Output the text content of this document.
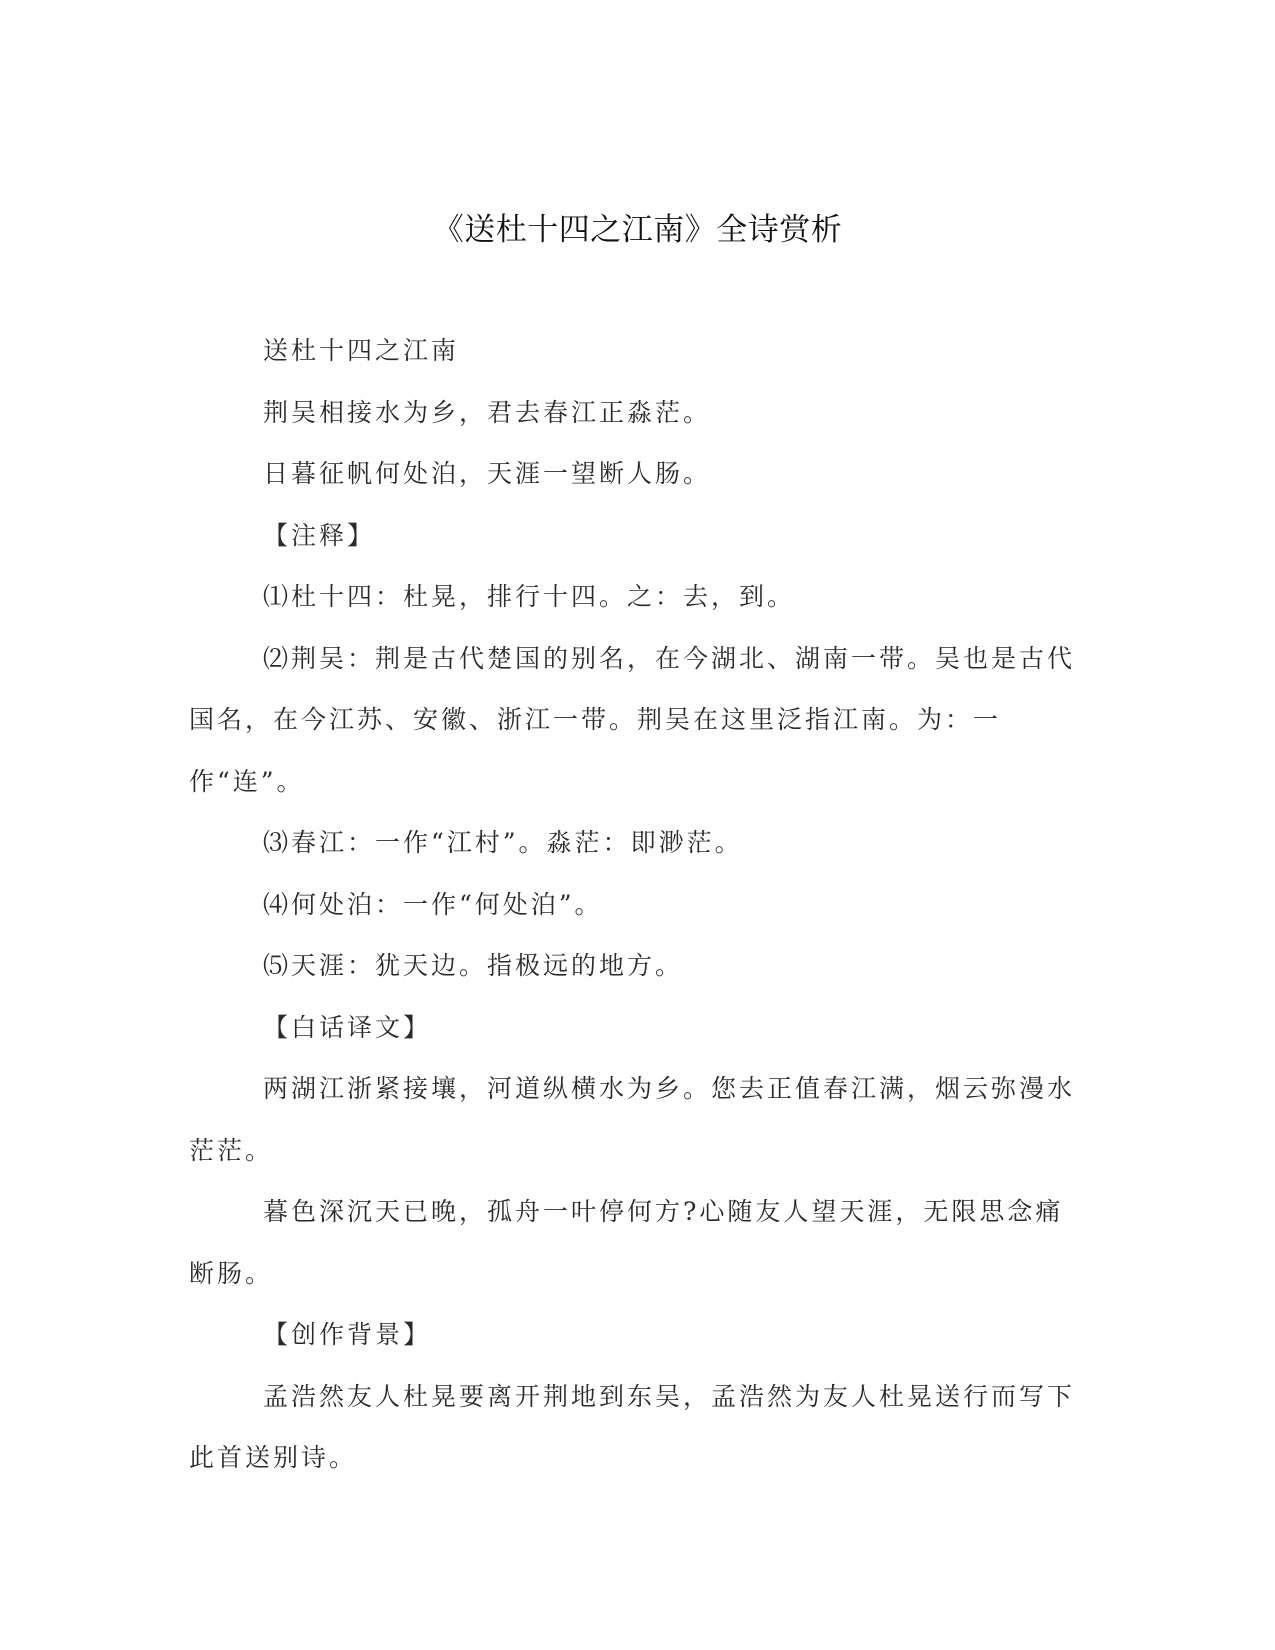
《送杜十四之江南》全诗赏析

送杜十四之江南

荆吴相接水为乡，君去春江正淼茫。

日暮征帆何处泊，天涯一望断人肠。

【注释】

⑴杜十四：杜晃，排行十四。之：去，到。

⑵荆吴：荆是古代楚国的别名，在今湖北、湖南一带。吴也是古代国名，在今江苏、安徽、浙江一带。荆吴在这里泛指江南。为：一作“连”。

⑶春江：一作“江村”。淼茫：即渺茫。

⑷何处泊：一作“何处泊”。

⑸天涯：犹天边。指极远的地方。

【白话译文】

两湖江浙紧接壤，河道纵横水为乡。您去正值春江满，烟云弥漫水茫茫。

暮色深沉天已晚，孤舟一叶停何方?心随友人望天涯，无限思念痛断肠。

【创作背景】

孟浩然友人杜晃要离开荆地到东吴，孟浩然为友人杜晃送行而写下此首送别诗。
